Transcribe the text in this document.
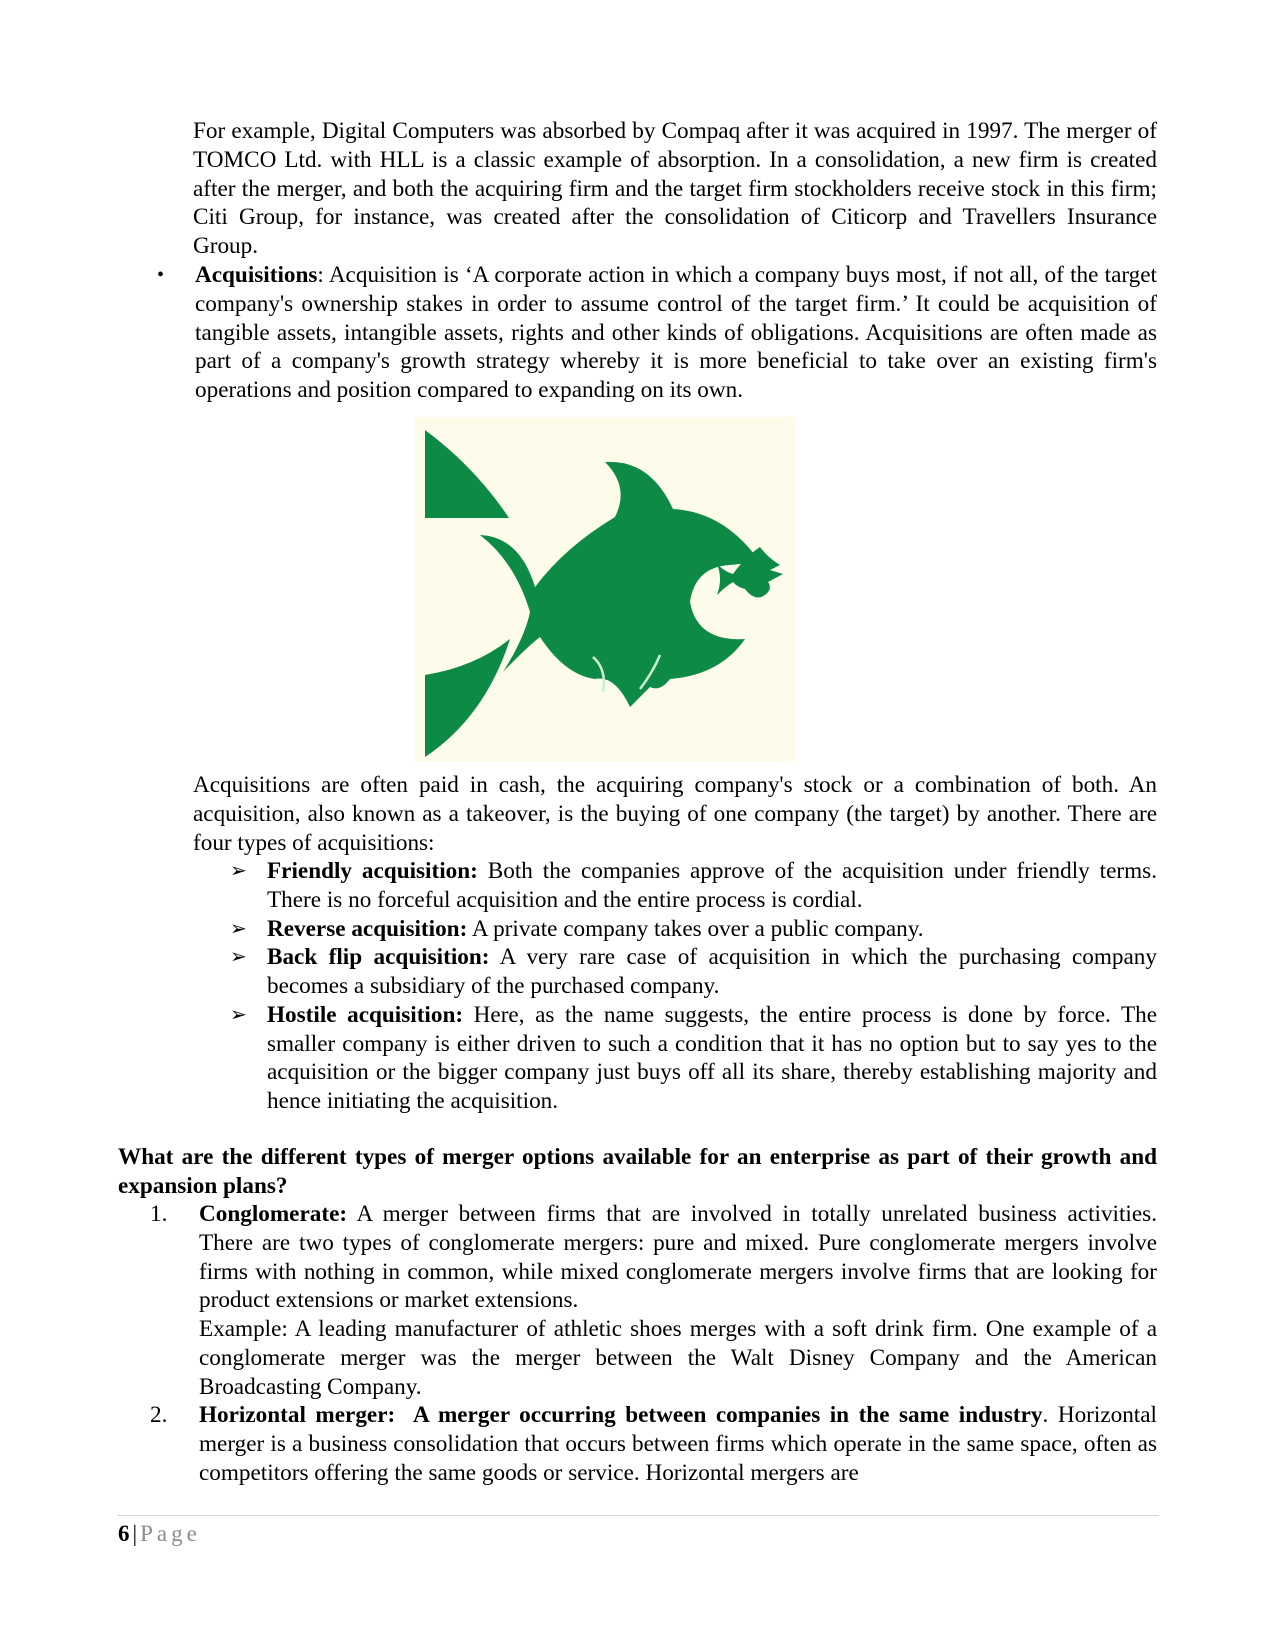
For example, Digital Computers was absorbed by Compaq after it was acquired in 1997. The merger of TOMCO Ltd. with HLL is a classic example of absorption. In a consolidation, a new firm is created after the merger, and both the acquiring firm and the target firm stockholders receive stock in this firm; Citi Group, for instance, was created after the consolidation of Citicorp and Travellers Insurance Group.
•	Acquisitions: Acquisition is ‘A corporate action in which a company buys most, if not all, of the target company's ownership stakes in order to assume control of the target firm.’ It could be acquisition of tangible assets, intangible assets, rights and other kinds of obligations. Acquisitions are often made as part of a company's growth strategy whereby it is more beneficial to take over an existing firm's operations and position compared to expanding on its own.
Acquisitions are often paid in cash, the acquiring company's stock or a combination of both. An acquisition, also known as a takeover, is the buying of one company (the target) by another. There are four types of acquisitions:
➢ Friendly acquisition: Both the companies approve of the acquisition under friendly terms. There is no forceful acquisition and the entire process is cordial.
➢ Reverse acquisition: A private company takes over a public company.
➢ Back flip acquisition: A very rare case of acquisition in which the purchasing company becomes a subsidiary of the purchased company.
➢ Hostile acquisition: Here, as the name suggests, the entire process is done by force. The smaller company is either driven to such a condition that it has no option but to say yes to the acquisition or the bigger company just buys off all its share, thereby establishing majority and hence initiating the acquisition.
What are the different types of merger options available for an enterprise as part of their growth and expansion plans?
1.	Conglomerate: A merger between firms that are involved in totally unrelated business activities. There are two types of conglomerate mergers: pure and mixed. Pure conglomerate mergers involve firms with nothing in common, while mixed conglomerate mergers involve firms that are looking for product extensions or market extensions.
Example: A leading manufacturer of athletic shoes merges with a soft drink firm. One example of a conglomerate merger was the merger between the Walt Disney Company and the American Broadcasting Company.
2.	Horizontal merger:  A merger occurring between companies in the same industry. Horizontal merger is a business consolidation that occurs between firms which operate in the same space, often as competitors offering the same goods or service. Horizontal mergers are
6 | Page
